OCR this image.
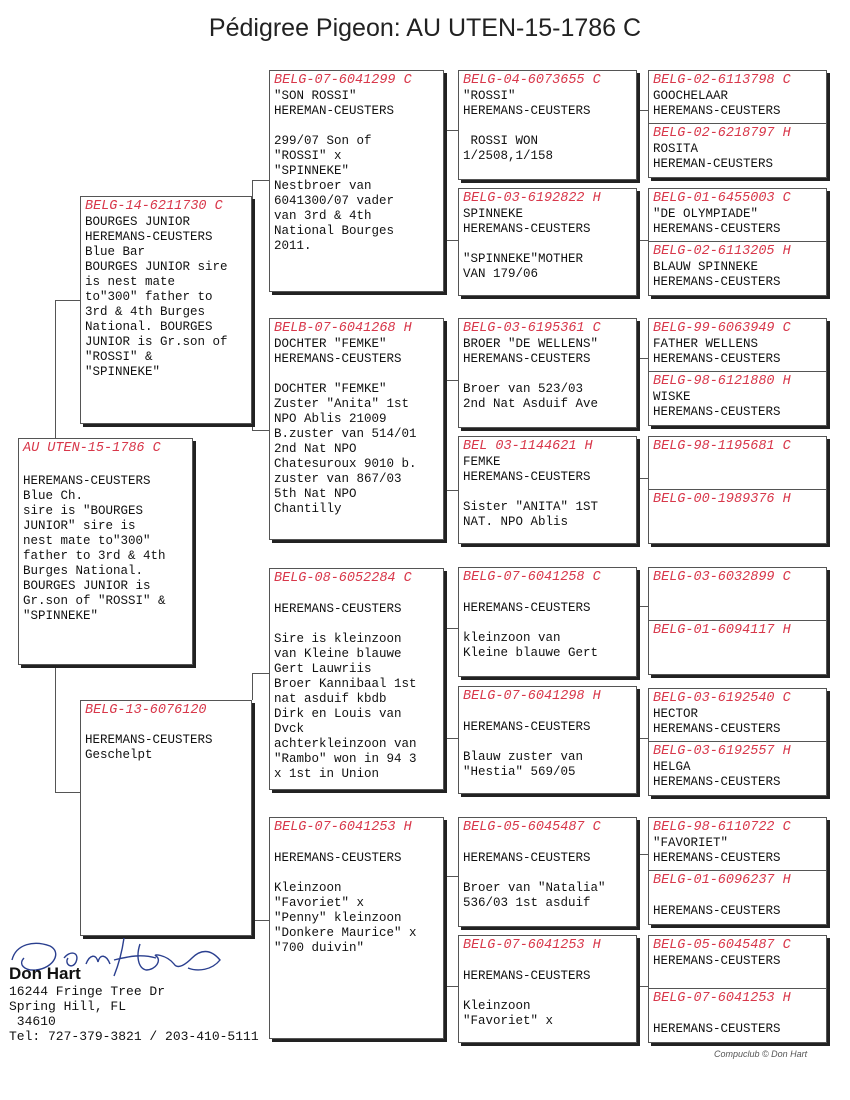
Pédigree Pigeon: AU UTEN-15-1786 C
AU UTEN-15-1786 C
HEREMANS-CEUSTERS
Blue Ch.
sire is "BOURGES
JUNIOR" sire is
nest mate to"300"
father to 3rd & 4th
Burges National.
BOURGES JUNIOR is
Gr.son of "ROSSI" &
"SPINNEKE"
BELG-14-6211730 C
BOURGES JUNIOR
HEREMANS-CEUSTERS
Blue Bar
BOURGES JUNIOR sire
is nest mate
to"300" father to
3rd & 4th Burges
National. BOURGES
JUNIOR is Gr.son of
"ROSSI" &
"SPINNEKE"
BELG-13-6076120
HEREMANS-CEUSTERS
Geschelpt
BELG-07-6041299 C
"SON ROSSI"
HEREMAN-CEUSTERS

299/07 Son of
"ROSSI" x
"SPINNEKE"
Nestbroer van
6041300/07 vader
van 3rd & 4th
National Bourges
2011.
BELB-07-6041268 H
DOCHTER "FEMKE"
HEREMANS-CEUSTERS

DOCHTER "FEMKE"
Zuster "Anita" 1st
NPO Ablis 21009
B.zuster van 514/01
2nd Nat NPO
Chatesuroux 9010 b.
zuster van 867/03
5th Nat NPO
Chantilly
BELG-08-6052284 C

HEREMANS-CEUSTERS

Sire is kleinzoon
van Kleine blauwe
Gert Lauwriis
Broer Kannibaal 1st
nat asduif kbdb
Dirk en Louis van
Dvck
achterkleinzoon van
"Rambo" won in 94 3
x 1st in Union
BELG-07-6041253 H

HEREMANS-CEUSTERS

Kleinzoon
"Favoriet" x
"Penny" kleinzoon
"Donkere Maurice" x
"700 duivin"
BELG-04-6073655 C
"ROSSI"
HEREMANS-CEUSTERS

ROSSI WON
1/2508,1/158
BELG-03-6192822 H
SPINNEKE
HEREMANS-CEUSTERS

"SPINNEKE"MOTHER
VAN 179/06
BELG-03-6195361 C
BROER "DE WELLENS"
HEREMANS-CEUSTERS

Broer van 523/03
2nd Nat Asduif Ave
BEL 03-1144621 H
FEMKE
HEREMANS-CEUSTERS

Sister "ANITA" 1ST
NAT. NPO Ablis
BELG-07-6041258 C

HEREMANS-CEUSTERS

kleinzoon van
Kleine blauwe Gert
BELG-07-6041298 H

HEREMANS-CEUSTERS

Blauw zuster van
"Hestia" 569/05
BELG-05-6045487 C

HEREMANS-CEUSTERS

Broer van "Natalia"
536/03 1st asduif
BELG-07-6041253 H

HEREMANS-CEUSTERS

Kleinzoon
"Favoriet" x
BELG-02-6113798 C
GOOCHELAAR
HEREMANS-CEUSTERS
BELG-02-6218797 H
ROSITA
HEREMAN-CEUSTERS
BELG-01-6455003 C
"DE OLYMPIADE"
HEREMANS-CEUSTERS
BELG-02-6113205 H
BLAUW SPINNEKE
HEREMANS-CEUSTERS
BELG-99-6063949 C
FATHER WELLENS
HEREMANS-CEUSTERS
BELG-98-6121880 H
WISKE
HEREMANS-CEUSTERS
BELG-98-1195681 C
BELG-00-1989376 H
BELG-03-6032899 C
BELG-01-6094117 H
BELG-03-6192540 C
HECTOR
HEREMANS-CEUSTERS
BELG-03-6192557 H
HELGA
HEREMANS-CEUSTERS
BELG-98-6110722 C
"FAVORIET"
HEREMANS-CEUSTERS
BELG-01-6096237 H

HEREMANS-CEUSTERS
BELG-05-6045487 C
HEREMANS-CEUSTERS
BELG-07-6041253 H

HEREMANS-CEUSTERS
Don Hart
16244 Fringe Tree Dr
Spring Hill, FL
34610
Tel: 727-379-3821 / 203-410-5111
Compuclub © Don Hart
